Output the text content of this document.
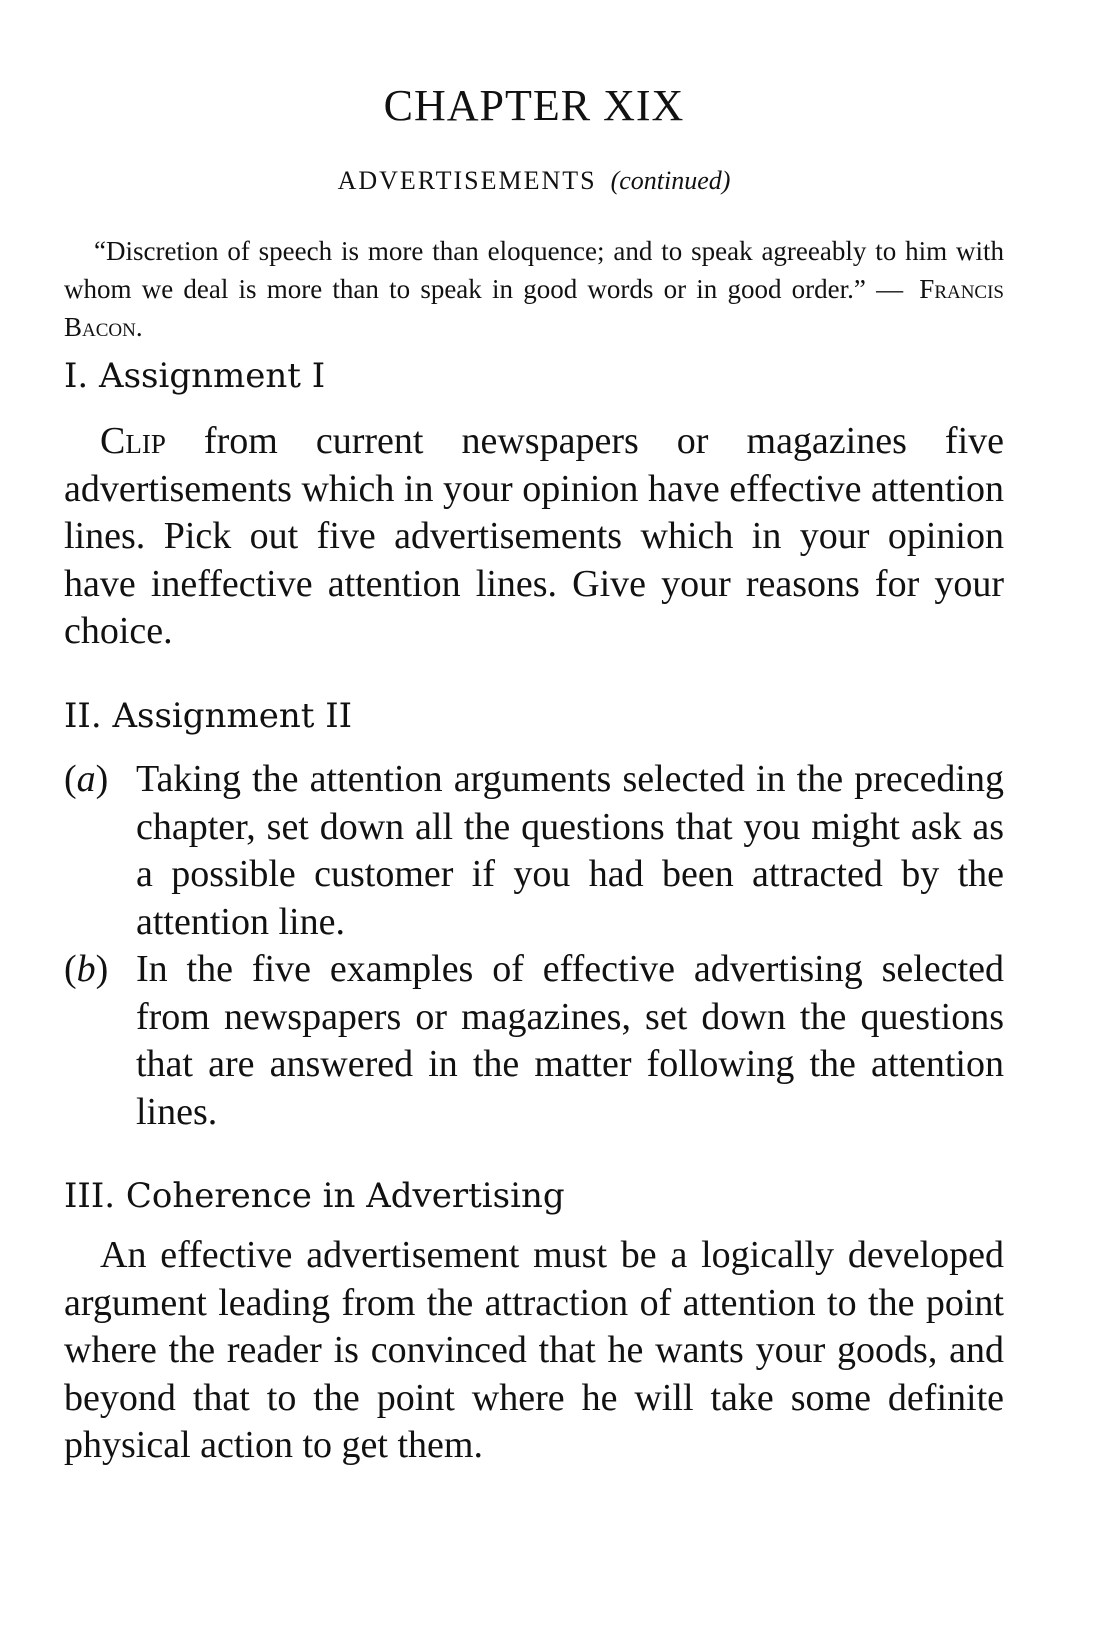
CHAPTER XIX

ADVERTISEMENTS (continued)

“Discretion of speech is more than eloquence; and to speak agreeably to him with whom we deal is more than to speak in good words or in good order.” — Francis Bacon.

I. Assignment I

Clip from current newspapers or magazines five advertisements which in your opinion have effective attention lines. Pick out five advertisements which in your opinion have ineffective attention lines. Give your reasons for your choice.

II. Assignment II
(a) Taking the attention arguments selected in the preceding chapter, set down all the questions that you might ask as a possible customer if you had been attracted by the attention line.
(b) In the five examples of effective advertising selected from newspapers or magazines, set down the questions that are answered in the matter following the attention lines.
III. Coherence in Advertising

An effective advertisement must be a logically developed argument leading from the attraction of attention to the point where the reader is convinced that he wants your goods, and beyond that to the point where he will take some definite physical action to get them.
